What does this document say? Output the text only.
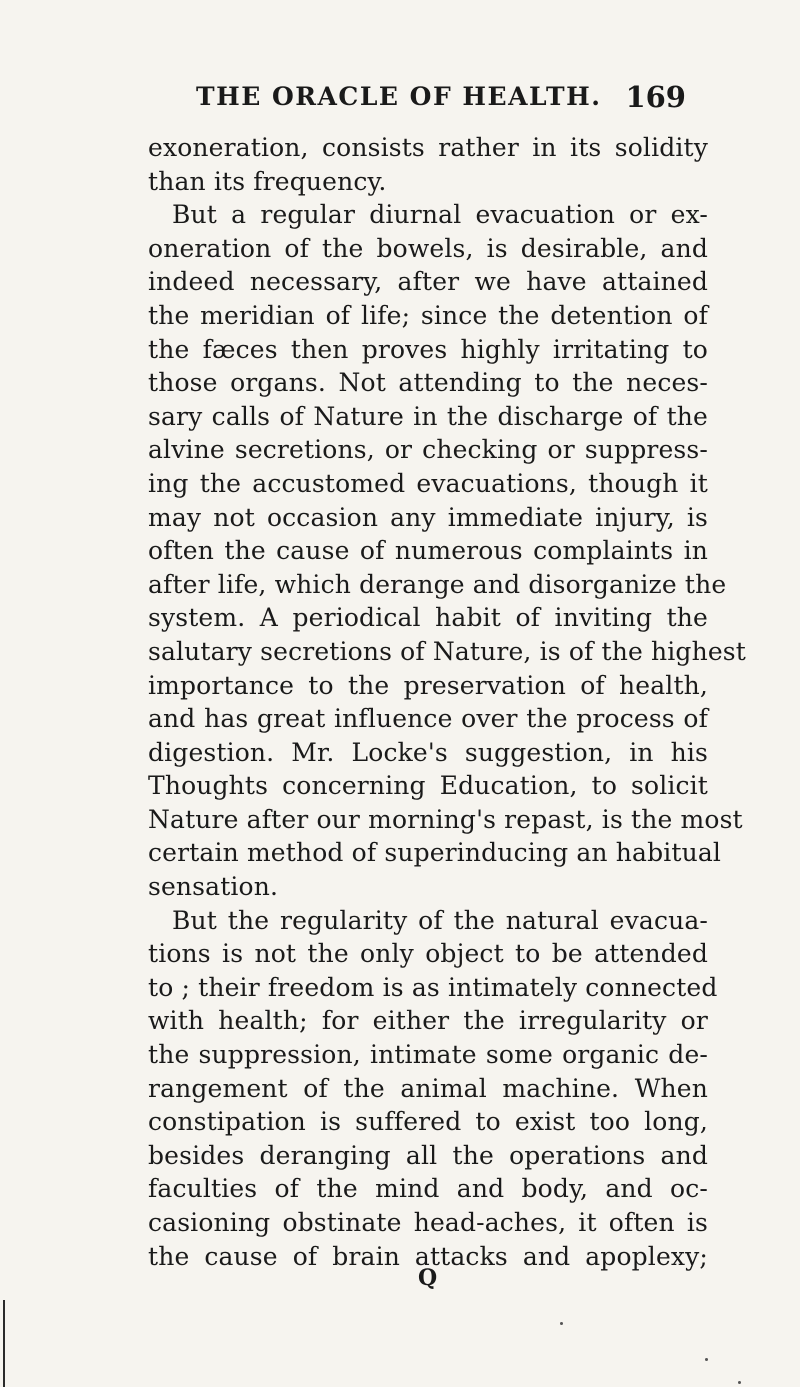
THE ORACLE OF HEALTH. 169
exoneration, consists rather in its solidity
than its frequency.
But a regular diurnal evacuation or ex-
oneration of the bowels, is desirable, and
indeed necessary, after we have attained
the meridian of life; since the detention of
the fæces then proves highly irritating to
those organs. Not attending to the neces-
sary calls of Nature in the discharge of the
alvine secretions, or checking or suppress-
ing the accustomed evacuations, though it
may not occasion any immediate injury, is
often the cause of numerous complaints in
after life, which derange and disorganize the
system. A periodical habit of inviting the
salutary secretions of Nature, is of the highest
importance to the preservation of health,
and has great influence over the process of
digestion. Mr. Locke's suggestion, in his
Thoughts concerning Education, to solicit
Nature after our morning's repast, is the most
certain method of superinducing an habitual
sensation.
But the regularity of the natural evacua-
tions is not the only object to be attended
to ; their freedom is as intimately connected
with health; for either the irregularity or
the suppression, intimate some organic de-
rangement of the animal machine. When
constipation is suffered to exist too long,
besides deranging all the operations and
faculties of the mind and body, and oc-
casioning obstinate head-aches, it often is
the cause of brain attacks and apoplexy;
Q
